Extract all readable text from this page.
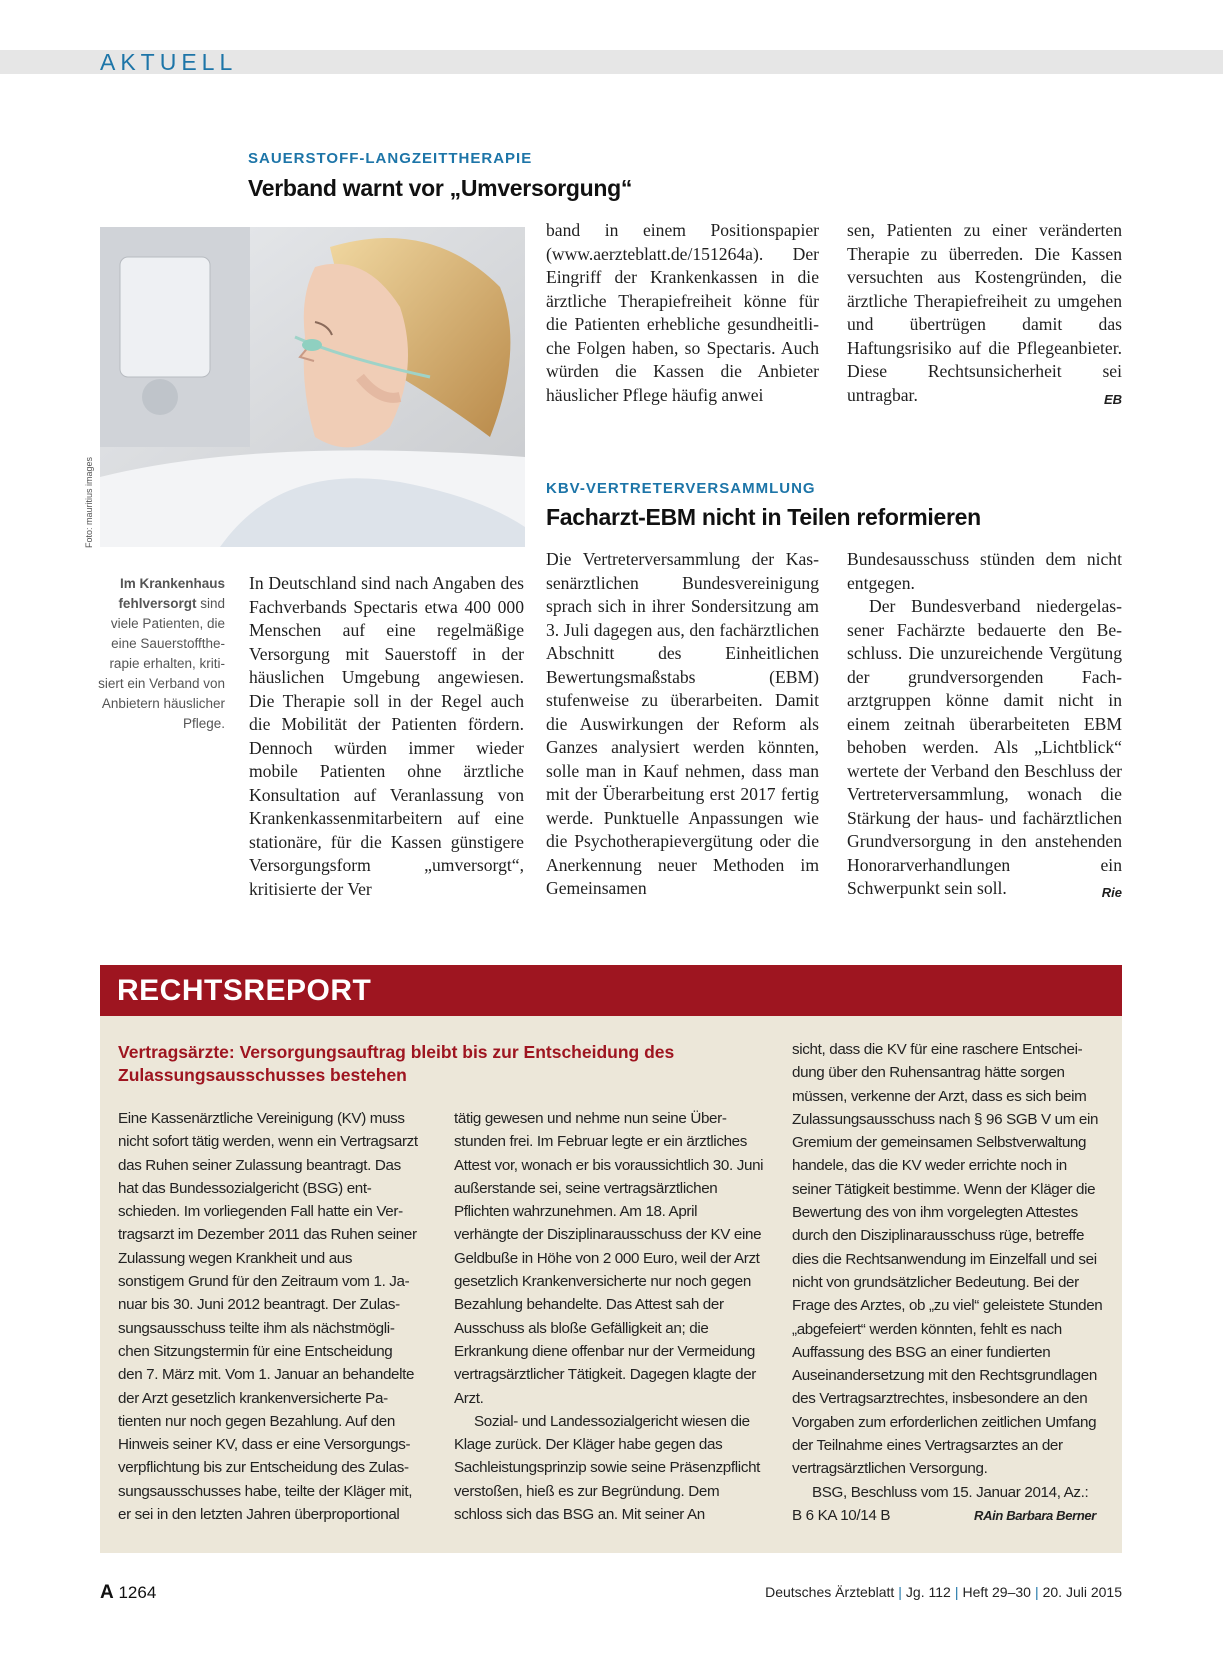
AKTUELL
SAUERSTOFF-LANGZEITTHERAPIE
Verband warnt vor „Umversorgung“
Foto: mauritius images
Im Krankenhaus fehlversorgt sind viele Patienten, die eine Sauerstofftherapie erhalten, kritisiert ein Verband von Anbietern häuslicher Pflege.

In Deutschland sind nach Angaben des Fachverbands Spectaris etwa 400 000 Menschen auf eine regelmäßige Versorgung mit Sauerstoff in der häuslichen Umgebung angewiesen. Die Therapie soll in der Regel auch die Mobilität der Patienten fördern. Dennoch würden immer wieder mobile Patienten ohne ärztliche Konsultation auf Veranlassung von Krankenkassenmitarbeitern auf eine stationäre, für die Kassen günstigere Versorgungsform „umversorgt“, kritisierte der Ver

band in einem Positionspapier (www.aerzteblatt.de/151264a). Der Eingriff der Krankenkassen in die ärztliche Therapiefreiheit könne für die Patienten erhebliche gesundheitliche Folgen haben, so Spectaris. Auch würden die Kassen die Anbieter häuslicher Pflege häufig anwei

sen, Patienten zu einer veränderten Therapie zu überreden. Die Kassen versuchten aus Kostengründen, die ärztliche Therapiefreiheit zu umgehen und übertrügen damit das Haftungsrisiko auf die Pflegeanbieter. Diese Rechtsunsicherheit sei untragbar.	EB

KBV-VERTRETERVERSAMMLUNG
Facharzt-EBM nicht in Teilen reformieren

Die Vertreterversammlung der Kassenärztlichen Bundesvereinigung sprach sich in ihrer Sondersitzung am 3. Juli dagegen aus, den fachärztlichen Abschnitt des Einheitlichen Bewertungsmaßstabs (EBM) stufenweise zu überarbeiten. Damit die Auswirkungen der Reform als Ganzes analysiert werden könnten, solle man in Kauf nehmen, dass man mit der Überarbeitung erst 2017 fertig werde. Punktuelle Anpassungen wie die Psychotherapievergütung oder die Anerkennung neuer Methoden im Gemeinsamen

Bundesausschuss stünden dem nicht entgegen.

Der Bundesverband niedergelassener Fachärzte bedauerte den Beschluss. Die unzureichende Vergütung der grundversorgenden Facharztgruppen könne damit nicht in einem zeitnah überarbeiteten EBM behoben werden. Als „Lichtblick“ wertete der Verband den Beschluss der Vertreterversammlung, wonach die Stärkung der haus- und fachärztlichen Grundversorgung in den anstehenden Honorarverhandlungen ein Schwerpunkt sein soll.	Rie

RECHTSREPORT
Vertragsärzte: Versorgungsauftrag bleibt bis zur Entscheidung des Zulassungsausschusses bestehen

Eine Kassenärztliche Vereinigung (KV) muss nicht sofort tätig werden, wenn ein Vertragsarzt das Ruhen seiner Zulassung beantragt. Das hat das Bundessozialgericht (BSG) entschieden. Im vorliegenden Fall hatte ein Vertragsarzt im Dezember 2011 das Ruhen seiner Zulassung wegen Krankheit und aus sonstigem Grund für den Zeitraum vom 1. Januar bis 30. Juni 2012 beantragt. Der Zulassungsausschuss teilte ihm als nächstmöglichen Sitzungstermin für eine Entscheidung den 7. März mit. Vom 1. Januar an behandelte der Arzt gesetzlich krankenversicherte Patienten nur noch gegen Bezahlung. Auf den Hinweis seiner KV, dass er eine Versorgungsverpflichtung bis zur Entscheidung des Zulassungsausschusses habe, teilte der Kläger mit, er sei in den letzten Jahren überproportional

tätig gewesen und nehme nun seine Überstunden frei. Im Februar legte er ein ärztliches Attest vor, wonach er bis voraussichtlich 30. Juni außerstande sei, seine vertragsärztlichen Pflichten wahrzunehmen. Am 18. April verhängte der Disziplinarausschuss der KV eine Geldbuße in Höhe von 2 000 Euro, weil der Arzt gesetzlich Krankenversicherte nur noch gegen Bezahlung behandelte. Das Attest sah der Ausschuss als bloße Gefälligkeit an; die Erkrankung diene offenbar nur der Vermeidung vertragsärztlicher Tätigkeit. Dagegen klagte der Arzt.

Sozial- und Landessozialgericht wiesen die Klage zurück. Der Kläger habe gegen das Sachleistungsprinzip sowie seine Präsenzpflicht verstoßen, hieß es zur Begründung. Dem schloss sich das BSG an. Mit seiner An

sicht, dass die KV für eine raschere Entscheidung über den Ruhensantrag hätte sorgen müssen, verkenne der Arzt, dass es sich beim Zulassungsausschuss nach § 96 SGB V um ein Gremium der gemeinsamen Selbstverwaltung handele, das die KV weder errichte noch in seiner Tätigkeit bestimme. Wenn der Kläger die Bewertung des von ihm vorgelegten Attestes durch den Disziplinarausschuss rüge, betreffe dies die Rechtsanwendung im Einzelfall und sei nicht von grundsätzlicher Bedeutung. Bei der Frage des Arztes, ob „zu viel“ geleistete Stunden „abgefeiert“ werden könnten, fehlt es nach Auffassung des BSG an einer fundierten Auseinandersetzung mit den Rechtsgrundlagen des Vertragsarztrechtes, insbesondere an den Vorgaben zum erforderlichen zeitlichen Umfang der Teilnahme eines Vertragsarztes an der vertragsärztlichen Versorgung.

BSG, Beschluss vom 15. Januar 2014, Az.:

B 6 KA 10/14 B	RAin Barbara Berner

A 1264	Deutsches Ärzteblatt | Jg. 112 | Heft 29–30 | 20. Juli 2015
